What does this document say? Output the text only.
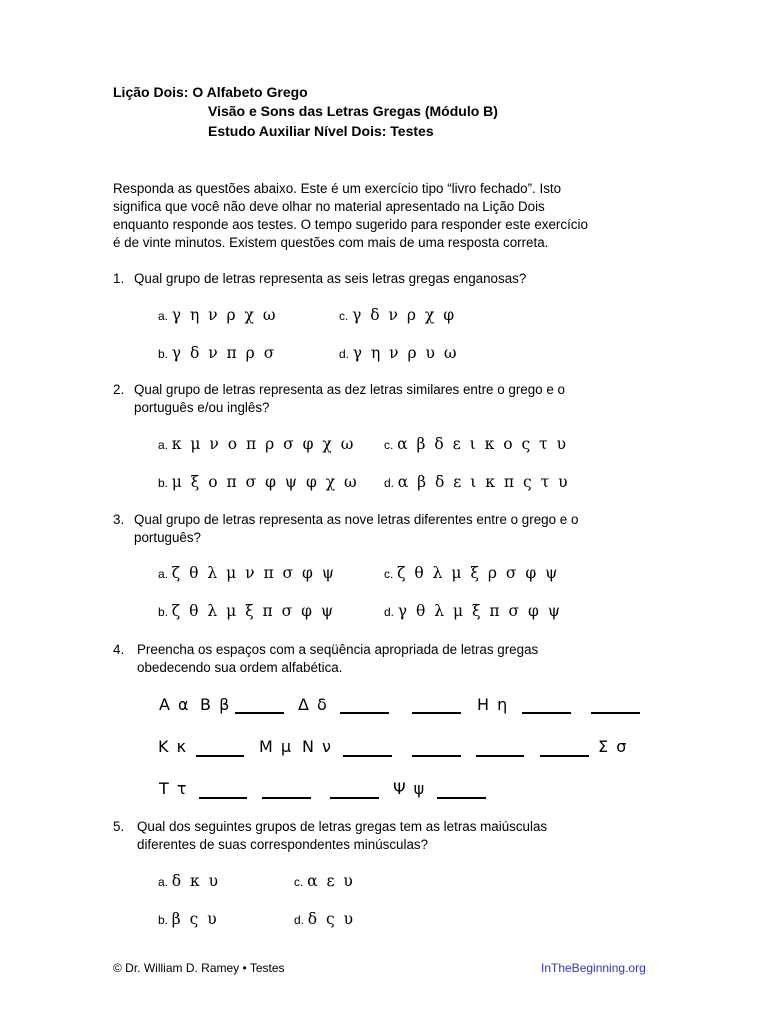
Lição Dois: O Alfabeto Grego
Visão e Sons das Letras Gregas (Módulo B)
Estudo Auxiliar Nível Dois: Testes
Responda as questões abaixo. Este é um exercício tipo “livro fechado”. Isto
significa que você não deve olhar no material apresentado na Lição Dois
enquanto responde aos testes. O tempo sugerido para responder este exercício
é de vinte minutos. Existem questões com mais de uma resposta correta.
1. Qual grupo de letras representa as seis letras gregas enganosas?
a. γ η ν ρ χ ω
b. γ δ ν π ρ σ
c. γ δ ν ρ χ φ
d. γ η ν ρ υ ω
2. Qual grupo de letras representa as dez letras similares entre o grego e o
português e/ou inglês?
a. κ μ ν ο π ρ σ φ χ ω
b. μ ξ ο π σ φ ψ φ χ ω
c. α β δ ε ι κ ο ς τ υ
d. α β δ ε ι κ π ς τ υ
3. Qual grupo de letras representa as nove letras diferentes entre o grego e o
português?
a. ζ θ λ μ ν π σ φ ψ
b. ζ θ λ μ ξ π σ φ ψ
c. ζ θ λ μ ξ ρ σ φ ψ
d. γ θ λ μ ξ π σ φ ψ
4. Preencha os espaços com a seqüência apropriada de letras gregas
obedecendo sua ordem alfabética.
Α α Β β	Δ δ	Η η
Κ κ	Μ μ Ν ν	Σ σ
Τ τ	Ψ ψ
5. Qual dos seguintes grupos de letras gregas tem as letras maiúsculas
diferentes de suas correspondentes minúsculas?
a. δ κ υ
b. β ς υ
c. α ε υ
d. δ ς υ
© Dr. William D. Ramey • Testes	InTheBeginning.org
